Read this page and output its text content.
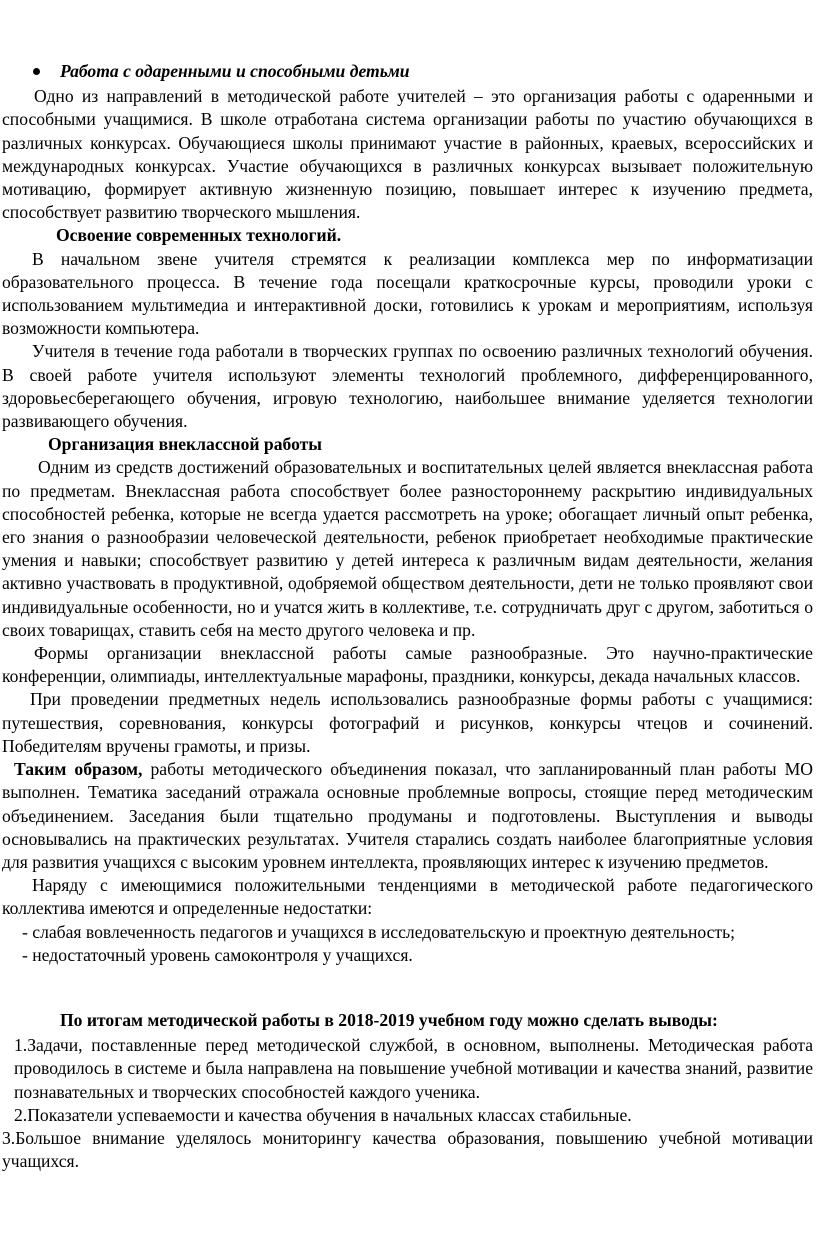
Работа с одаренными и способными детьми

Одно из направлений в методической работе учителей – это организация работы с одаренными и способными учащимися. В школе отработана система организации работы по участию обучающихся в различных конкурсах. Обучающиеся школы принимают участие в районных, краевых, всероссийских и международных конкурсах. Участие обучающихся в различных конкурсах вызывает положительную мотивацию, формирует активную жизненную позицию, повышает интерес к изучению предмета, способствует развитию творческого мышления.

Освоение современных технологий.

В начальном звене учителя стремятся к реализации комплекса мер по информатизации образовательного процесса. В течение года посещали краткосрочные курсы, проводили уроки с использованием мультимедиа и интерактивной доски, готовились к урокам и мероприятиям, используя возможности компьютера.

Учителя в течение года работали в творческих группах по освоению различных технологий обучения. В своей работе учителя используют элементы технологий проблемного, дифференцированного, здоровьесберегающего обучения, игровую технологию, наибольшее внимание уделяется технологии развивающего обучения.

Организация внеклассной работы

Одним из средств достижений образовательных и воспитательных целей является внеклассная работа по предметам. Внеклассная работа способствует более разностороннему раскрытию индивидуальных способностей ребенка, которые не всегда удается рассмотреть на уроке; обогащает личный опыт ребенка, его знания о разнообразии человеческой деятельности, ребенок приобретает необходимые практические умения и навыки; способствует развитию у детей интереса к различным видам деятельности, желания активно участвовать в продуктивной, одобряемой обществом деятельности, дети не только проявляют свои индивидуальные особенности, но и учатся жить в коллективе, т.е. сотрудничать друг с другом, заботиться о своих товарищах, ставить себя на место другого человека и пр.

Формы организации внеклассной работы самые разнообразные. Это научно-практические конференции, олимпиады, интеллектуальные марафоны, праздники, конкурсы, декада начальных классов.

При проведении предметных недель использовались разнообразные формы работы с учащимися: путешествия, соревнования, конкурсы фотографий и рисунков, конкурсы чтецов и сочинений. Победителям вручены грамоты, и призы.

Таким образом, работы методического объединения показал, что запланированный план работы МО выполнен. Тематика заседаний отражала основные проблемные вопросы, стоящие перед методическим объединением. Заседания были тщательно продуманы и подготовлены. Выступления и выводы основывались на практических результатах. Учителя старались создать наиболее благоприятные условия для развития учащихся с высоким уровнем интеллекта, проявляющих интерес к изучению предметов.

Наряду с имеющимися положительными тенденциями в методической работе педагогического коллектива имеются и определенные недостатки:

- слабая вовлеченность педагогов и учащихся в исследовательскую и проектную деятельность;

- недостаточный уровень самоконтроля у учащихся.

По итогам методической работы в 2018-2019 учебном году можно сделать выводы:

1.Задачи, поставленные перед методической службой, в основном, выполнены. Методическая работа проводилось в системе и была направлена на повышение учебной мотивации и качества знаний, развитие познавательных и творческих способностей каждого ученика.

2.Показатели успеваемости и качества обучения в начальных классах стабильные.

3.Большое внимание уделялось мониторингу качества образования, повышению учебной мотивации учащихся.
